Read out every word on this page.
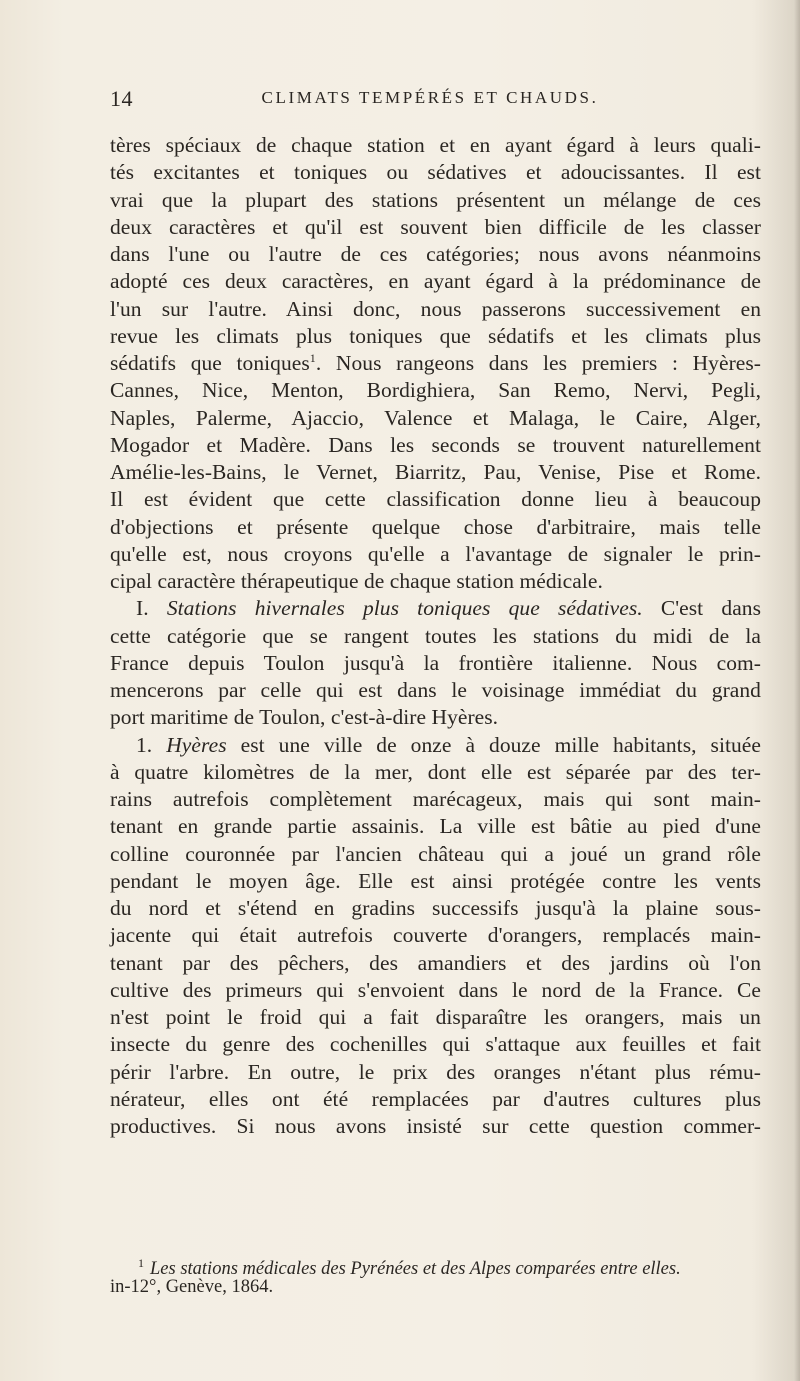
14	CLIMATS TEMPÉRÉS ET CHAUDS.
tères spéciaux de chaque station et en ayant égard à leurs quali-
tés excitantes et toniques ou sédatives et adoucissantes. Il est
vrai que la plupart des stations présentent un mélange de ces
deux caractères et qu'il est souvent bien difficile de les classer
dans l'une ou l'autre de ces catégories; nous avons néanmoins
adopté ces deux caractères, en ayant égard à la prédominance de
l'un sur l'autre. Ainsi donc, nous passerons successivement en
revue les climats plus toniques que sédatifs et les climats plus
sédatifs que toniques$^1$. Nous rangeons dans les premiers : Hyères-
Cannes, Nice, Menton, Bordighiera, San Remo, Nervi, Pegli,
Naples, Palerme, Ajaccio, Valence et Malaga, le Caire, Alger,
Mogador et Madère. Dans les seconds se trouvent naturellement
Amélie-les-Bains, le Vernet, Biarritz, Pau, Venise, Pise et Rome.
Il est évident que cette classification donne lieu à beaucoup
d'objections et présente quelque chose d'arbitraire, mais telle
qu'elle est, nous croyons qu'elle a l'avantage de signaler le prin-
cipal caractère thérapeutique de chaque station médicale.
I. Stations hivernales plus toniques que sédatives. C'est dans
cette catégorie que se rangent toutes les stations du midi de la
France depuis Toulon jusqu'à la frontière italienne. Nous com-
mencerons par celle qui est dans le voisinage immédiat du grand
port maritime de Toulon, c'est-à-dire Hyères.
1. Hyères est une ville de onze à douze mille habitants, située
à quatre kilomètres de la mer, dont elle est séparée par des ter-
rains autrefois complètement marécageux, mais qui sont main-
tenant en grande partie assainis. La ville est bâtie au pied d'une
colline couronnée par l'ancien château qui a joué un grand rôle
pendant le moyen âge. Elle est ainsi protégée contre les vents
du nord et s'étend en gradins successifs jusqu'à la plaine sous-
jacente qui était autrefois couverte d'orangers, remplacés main-
tenant par des pêchers, des amandiers et des jardins où l'on
cultive des primeurs qui s'envoient dans le nord de la France. Ce
n'est point le froid qui a fait disparaître les orangers, mais un
insecte du genre des cochenilles qui s'attaque aux feuilles et fait
périr l'arbre. En outre, le prix des oranges n'étant plus rému-
nérateur, elles ont été remplacées par d'autres cultures plus
productives. Si nous avons insisté sur cette question commer-
$^1$ Les stations médicales des Pyrénées et des Alpes comparées entre elles.
in-12°, Genève, 1864.
